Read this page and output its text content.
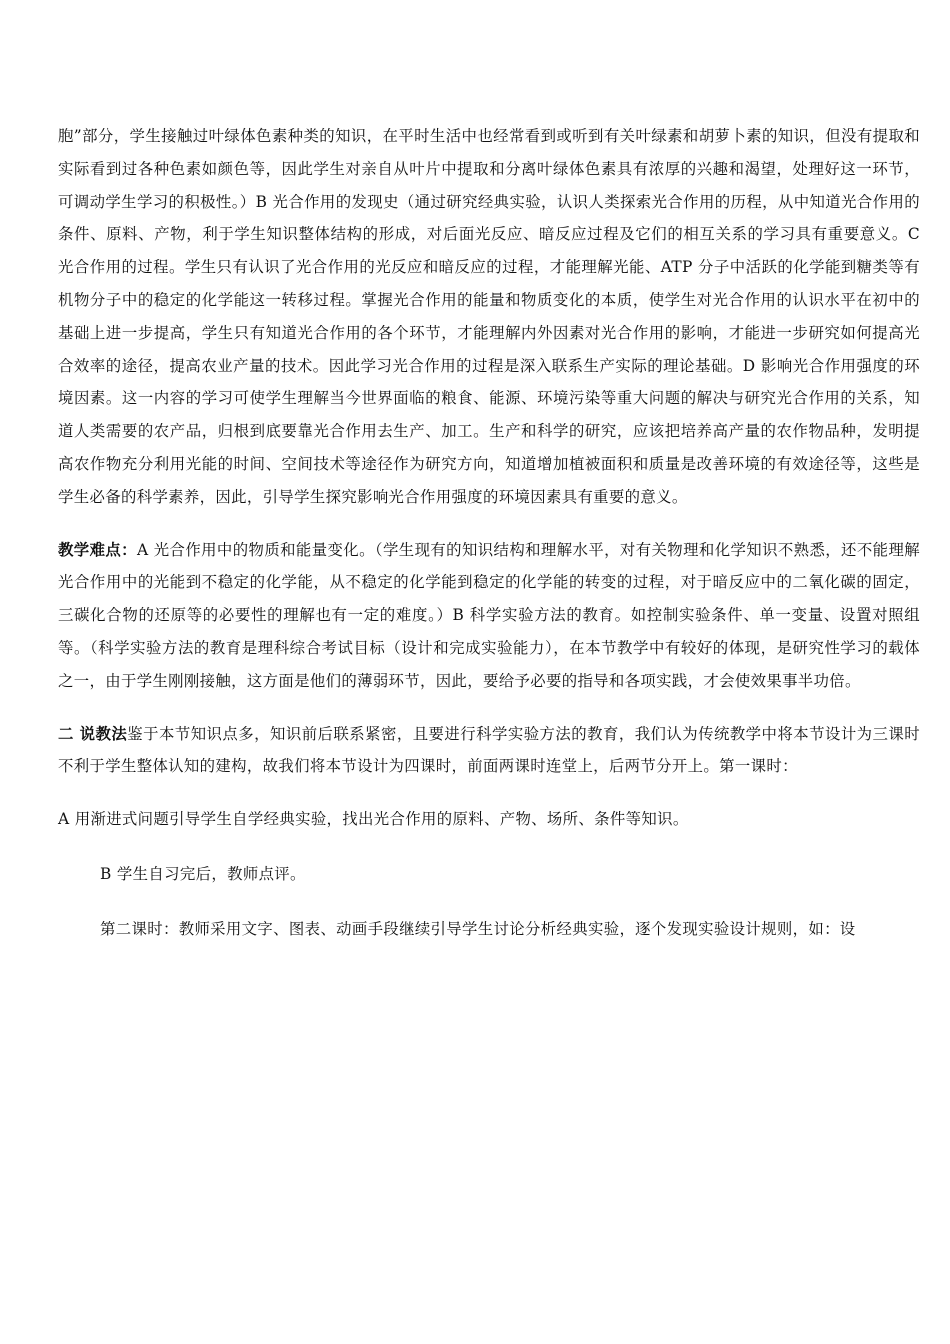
胞”部分，学生接触过叶绿体色素种类的知识，在平时生活中也经常看到或听到有关叶绿素和胡萝卜素的知识，但没有提取和实际看到过各种色素如颜色等，因此学生对亲自从叶片中提取和分离叶绿体色素具有浓厚的兴趣和渴望，处理好这一环节，可调动学生学习的积极性。）B 光合作用的发现史（通过研究经典实验，认识人类探索光合作用的历程，从中知道光合作用的条件、原料、产物，利于学生知识整体结构的形成，对后面光反应、暗反应过程及它们的相互关系的学习具有重要意义。C 光合作用的过程。学生只有认识了光合作用的光反应和暗反应的过程，才能理解光能、ATP 分子中活跃的化学能到糖类等有机物分子中的稳定的化学能这一转移过程。掌握光合作用的能量和物质变化的本质，使学生对光合作用的认识水平在初中的基础上进一步提高，学生只有知道光合作用的各个环节，才能理解内外因素对光合作用的影响，才能进一步研究如何提高光合效率的途径，提高农业产量的技术。因此学习光合作用的过程是深入联系生产实际的理论基础。D 影响光合作用强度的环境因素。这一内容的学习可使学生理解当今世界面临的粮食、能源、环境污染等重大问题的解决与研究光合作用的关系，知道人类需要的农产品，归根到底要靠光合作用去生产、加工。生产和科学的研究，应该把培养高产量的农作物品种，发明提高农作物充分利用光能的时间、空间技术等途径作为研究方向，知道增加植被面积和质量是改善环境的有效途径等，这些是学生必备的科学素养，因此，引导学生探究影响光合作用强度的环境因素具有重要的意义。

教学难点：A 光合作用中的物质和能量变化。（学生现有的知识结构和理解水平，对有关物理和化学知识不熟悉，还不能理解光合作用中的光能到不稳定的化学能，从不稳定的化学能到稳定的化学能的转变的过程，对于暗反应中的二氧化碳的固定，三碳化合物的还原等的必要性的理解也有一定的难度。）B 科学实验方法的教育。如控制实验条件、单一变量、设置对照组等。（科学实验方法的教育是理科综合考试目标（设计和完成实验能力），在本节教学中有较好的体现，是研究性学习的载体之一，由于学生刚刚接触，这方面是他们的薄弱环节，因此，要给予必要的指导和各项实践，才会使效果事半功倍。

二 说教法鉴于本节知识点多，知识前后联系紧密，且要进行科学实验方法的教育，我们认为传统教学中将本节设计为三课时不利于学生整体认知的建构，故我们将本节设计为四课时，前面两课时连堂上，后两节分开上。第一课时：

A 用渐进式问题引导学生自学经典实验，找出光合作用的原料、产物、场所、条件等知识。

B 学生自习完后，教师点评。

第二课时：教师采用文字、图表、动画手段继续引导学生讨论分析经典实验，逐个发现实验设计规则，如：设
